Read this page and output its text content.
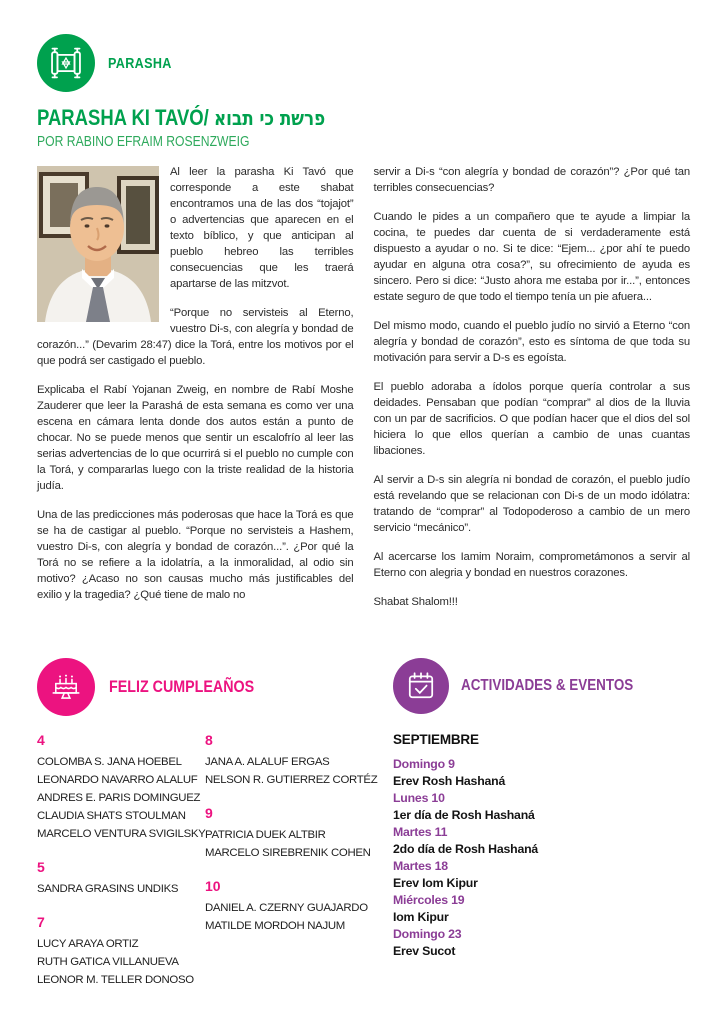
PARASHA
PARASHA KI TAVÓ/ פרשת כי תבוא
POR RABINO EFRAIM ROSENZWEIG

Al leer la parasha Ki Tavó que corresponde a este shabat encontramos una de las dos “tojajot” o advertencias que aparecen en el texto bíblico, y que anticipan al pueblo hebreo las terribles consecuencias que les traerá apartarse de las mitzvot.

“Porque no servisteis al Eterno, vuestro Di-s, con alegría y bondad de corazón...” (Devarim 28:47) dice la Torá, entre los motivos por el que podrá ser castigado el pueblo.

Explicaba el Rabí Yojanan Zweig, en nombre de Rabí Moshe Zauderer que leer la Parashá de esta semana es como ver una escena en cámara lenta donde dos autos están a punto de chocar. No se puede menos que sentir un escalofrío al leer las serias advertencias de lo que ocurrirá si el pueblo no cumple con la Torá, y compararlas luego con la triste realidad de la historia judía.

Una de las predicciones más poderosas que hace la Torá es que se ha de castigar al pueblo. “Porque no servisteis a Hashem, vuestro Di-s, con alegría y bondad de corazón...”. ¿Por qué la Torá no se refiere a la idolatría, a la inmoralidad, al odio sin motivo? ¿Acaso no son causas mucho más justificables del exilio y la tragedia? ¿Qué tiene de malo no

servir a Di-s “con alegría y bondad de corazón”? ¿Por qué tan terribles consecuencias?

Cuando le pides a un compañero que te ayude a limpiar la cocina, te puedes dar cuenta de si verdaderamente está dispuesto a ayudar o no. Si te dice: “Ejem... ¿por ahí te puedo ayudar en alguna otra cosa?”, su ofrecimiento de ayuda es sincero. Pero si dice: “Justo ahora me estaba por ir...”, entonces estate seguro de que todo el tiempo tenía un pie afuera...

Del mismo modo, cuando el pueblo judío no sirvió a Eterno “con alegría y bondad de corazón”, esto es síntoma de que toda su motivación para servir a D-s es egoísta.

El pueblo adoraba a ídolos porque quería controlar a sus deidades. Pensaban que podían “comprar” al dios de la lluvia con un par de sacrificios. O que podían hacer que el dios del sol hiciera lo que ellos querían a cambio de unas cuantas libaciones.

Al servir a D-s sin alegría ni bondad de corazón, el pueblo judío está revelando que se relacionan con Di-s de un modo idólatra: tratando de “comprar” al Todopoderoso a cambio de un mero servicio “mecánico”.

Al acercarse los Iamim Noraim, comprometámonos a servir al Eterno con alegria y bondad en nuestros corazones.

Shabat Shalom!!!

FELIZ CUMPLEAÑOS
4
COLOMBA S. JANA HOEBEL
LEONARDO NAVARRO ALALUF
ANDRES E. PARIS DOMINGUEZ
CLAUDIA SHATS STOULMAN
MARCELO VENTURA SVIGILSKY
5
SANDRA GRASINS UNDIKS
7
LUCY ARAYA ORTIZ
RUTH GATICA VILLANUEVA
LEONOR M. TELLER DONOSO
8
JANA A. ALALUF ERGAS
NELSON R. GUTIERREZ CORTÉZ
9
PATRICIA DUEK ALTBIR
MARCELO SIREBRENIK COHEN
10
DANIEL A. CZERNY GUAJARDO
MATILDE MORDOH NAJUM
ACTIVIDADES & EVENTOS
SEPTIEMBRE
Domingo 9
Erev Rosh Hashaná
Lunes 10
1er día de Rosh Hashaná
Martes 11
2do día de Rosh Hashaná
Martes 18
Erev Iom Kipur
Miércoles 19
Iom Kipur
Domingo 23
Erev Sucot
